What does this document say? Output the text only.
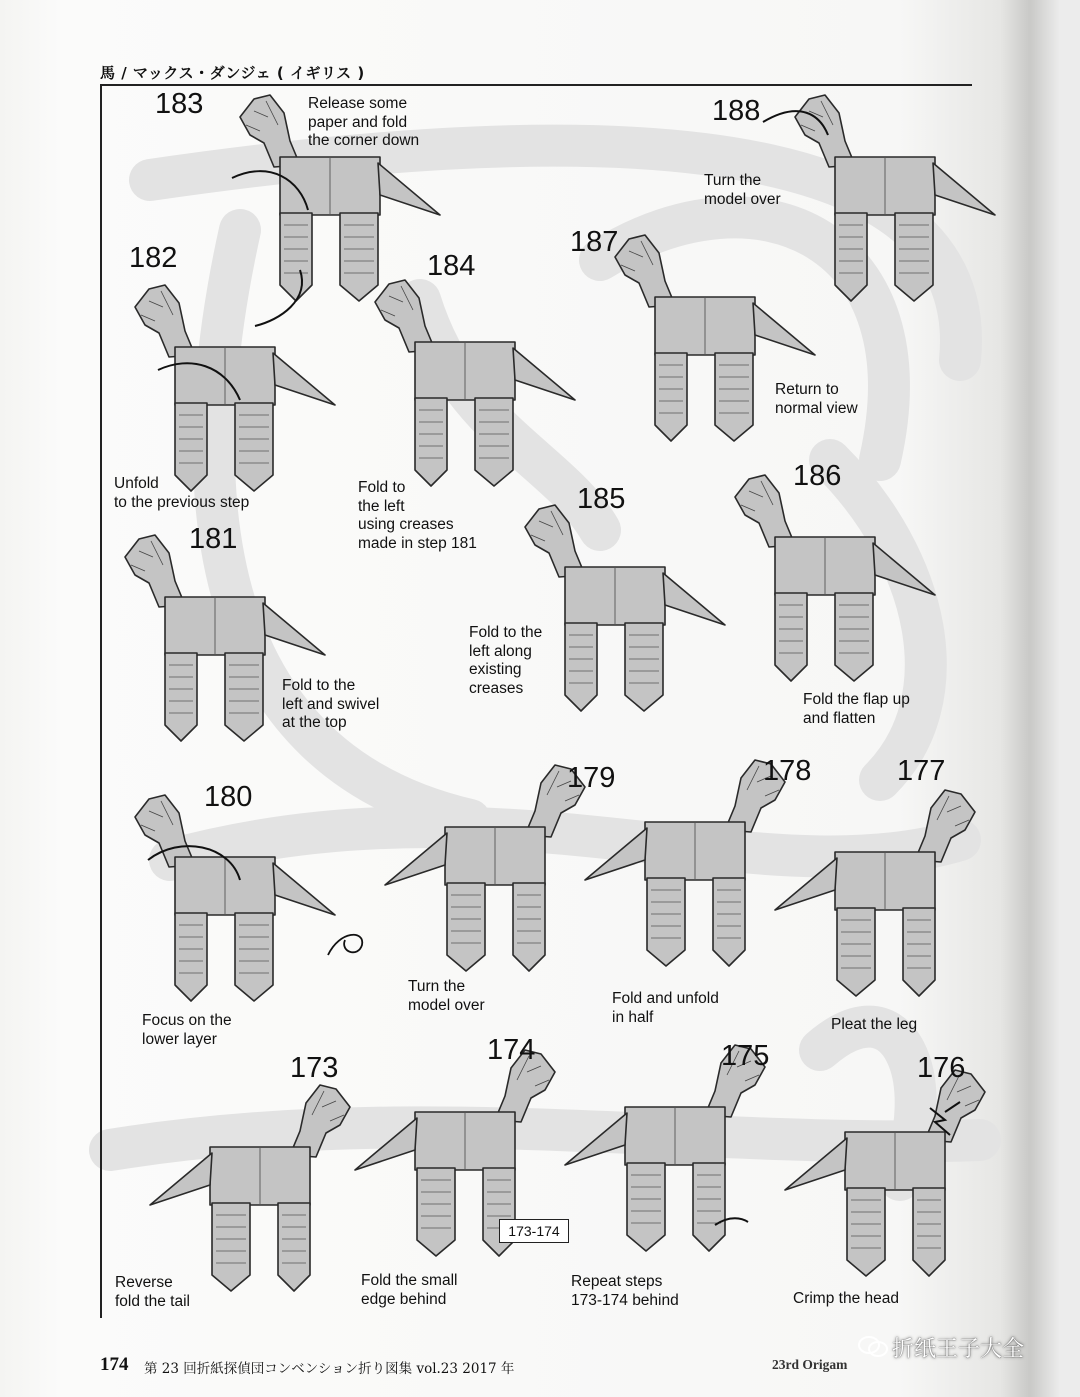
馬 / マックス・ダンジェ ( イギリス )
183	188
182	184
187
181
185
186
180
179	178	177
173
174	175	176
Release some
paper and fold
the corner down
Turn the
model over
Unfold
to the previous step
Fold to
the left
using creases
made in step 181
Return to
normal view
Fold to the
left and swivel
at the top
Fold to the
left along
existing
creases
Fold the flap up
and flatten
Focus on the
lower layer
Turn the
model over	Fold and unfold
in half	Pleat the leg
Reverse
fold the tail
Fold the small
edge behind
Repeat steps
173-174 behind	Crimp the head
173-174
174 第 23 回折紙探偵団コンベンション折り図集 vol.23 2017 年	23rd Origam
折纸王子大全
